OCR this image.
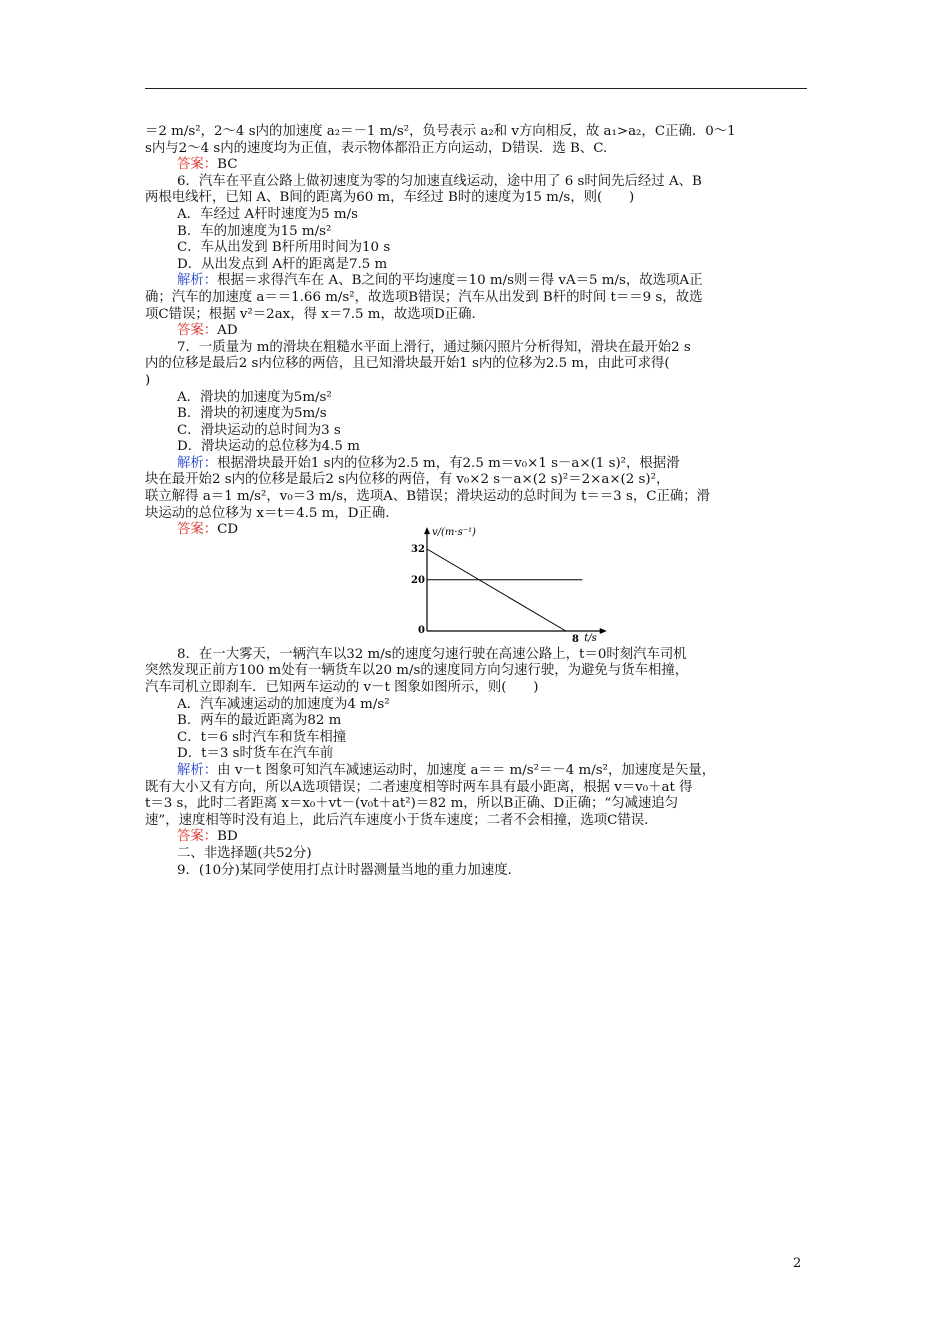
＝2 m/s²，2～4 s内的加速度 a₂＝－1 m/s²，负号表示 a₂和 v方向相反，故 a₁>a₂，C正确．0～1

s内与2～4 s内的速度均为正值，表示物体都沿正方向运动，D错误．选 B、C.

答案：BC

6．汽车在平直公路上做初速度为零的匀加速直线运动，途中用了 6 s时间先后经过 A、B

两根电线杆，已知 A、B间的距离为60 m，车经过 B时的速度为15 m/s，则(　　)

A．车经过 A杆时速度为5 m/s

B．车的加速度为15 m/s²

C．车从出发到 B杆所用时间为10 s

D．从出发点到 A杆的距离是7.5 m

解析：根据＝求得汽车在 A、B之间的平均速度＝10 m/s则＝得 vA＝5 m/s，故选项A正

确；汽车的加速度 a＝＝1.66 m/s²，故选项B错误；汽车从出发到 B杆的时间 t＝＝9 s，故选

项C错误；根据 v²＝2ax，得 x＝7.5 m，故选项D正确.

答案：AD

7．一质量为 m的滑块在粗糙水平面上滑行，通过频闪照片分析得知，滑块在最开始2 s

内的位移是最后2 s内位移的两倍，且已知滑块最开始1 s内的位移为2.5 m，由此可求得(

)

A．滑块的加速度为5m/s²

B．滑块的初速度为5m/s

C．滑块运动的总时间为3 s

D．滑块运动的总位移为4.5 m

解析：根据滑块最开始1 s内的位移为2.5 m，有2.5 m＝v₀×1 s－a×(1 s)²，根据滑

块在最开始2 s内的位移是最后2 s内位移的两倍，有 v₀×2 s－a×(2 s)²＝2×a×(2 s)²，

联立解得 a＝1 m/s²，v₀＝3 m/s，选项A、B错误；滑块运动的总时间为 t＝＝3 s，C正确；滑

块运动的总位移为 x＝t＝4.5 m，D正确.

答案：CD	v/(m·s⁻¹)
t/s
0
32
20
8

8．在一大雾天，一辆汽车以32 m/s的速度匀速行驶在高速公路上，t＝0时刻汽车司机

突然发现正前方100 m处有一辆货车以20 m/s的速度同方向匀速行驶，为避免与货车相撞，

汽车司机立即刹车．已知两车运动的 v－t 图象如图所示，则(　　)

A．汽车减速运动的加速度为4 m/s²

B．两车的最近距离为82 m

C．t＝6 s时汽车和货车相撞

D．t＝3 s时货车在汽车前

解析：由 v－t 图象可知汽车减速运动时，加速度 a＝＝ m/s²＝－4 m/s²，加速度是矢量，

既有大小又有方向，所以A选项错误；二者速度相等时两车具有最小距离，根据 v＝v₀＋at 得

t＝3 s，此时二者距离 x＝x₀＋vt－(v₀t＋at²)＝82 m，所以B正确、D正确；“匀减速追匀

速”，速度相等时没有追上，此后汽车速度小于货车速度；二者不会相撞，选项C错误.

答案：BD

二、非选择题(共52分)

9．(10分)某同学使用打点计时器测量当地的重力加速度.

2
